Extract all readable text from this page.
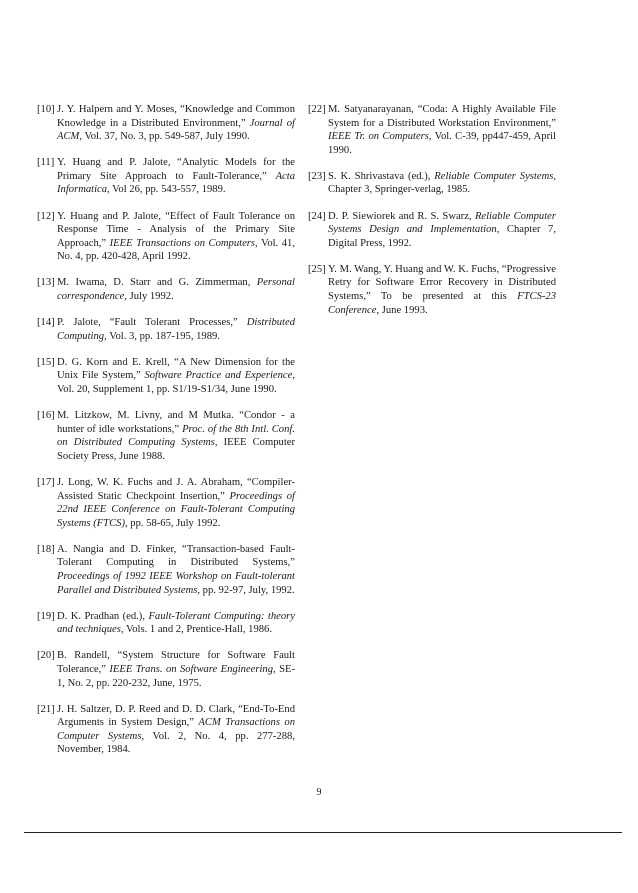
[10] J. Y. Halpern and Y. Moses, “Knowledge and Common Knowledge in a Distributed Environment,” Journal of ACM, Vol. 37, No. 3, pp. 549-587, July 1990.
[11] Y. Huang and P. Jalote, “Analytic Models for the Primary Site Approach to Fault-Tolerance,” Acta Informatica, Vol 26, pp. 543-557, 1989.
[12] Y. Huang and P. Jalote, “Effect of Fault Tolerance on Response Time - Analysis of the Primary Site Approach,” IEEE Transactions on Computers, Vol. 41, No. 4, pp. 420-428, April 1992.
[13] M. Iwama, D. Starr and G. Zimmerman, Personal correspondence, July 1992.
[14] P. Jalote, “Fault Tolerant Processes,” Distributed Computing, Vol. 3, pp. 187-195, 1989.
[15] D. G. Korn and E. Krell, “A New Dimension for the Unix File System,” Software Practice and Experience, Vol. 20, Supplement 1, pp. S1/19-S1/34, June 1990.
[16] M. Litzkow, M. Livny, and M Mutka. “Condor - a hunter of idle workstations,” Proc. of the 8th Intl. Conf. on Distributed Computing Systems, IEEE Computer Society Press, June 1988.
[17] J. Long, W. K. Fuchs and J. A. Abraham, “Compiler-Assisted Static Checkpoint Insertion,” Proceedings of 22nd IEEE Conference on Fault-Tolerant Computing Systems (FTCS), pp. 58-65, July 1992.
[18] A. Nangia and D. Finker, “Transaction-based Fault-Tolerant Computing in Distributed Systems,” Proceedings of 1992 IEEE Workshop on Fault-tolerant Parallel and Distributed Systems, pp. 92-97, July, 1992.
[19] D. K. Pradhan (ed.), Fault-Tolerant Computing: theory and techniques, Vols. 1 and 2, Prentice-Hall, 1986.
[20] B. Randell, “System Structure for Software Fault Tolerance,” IEEE Trans. on Software Engineering, SE-1, No. 2, pp. 220-232, June, 1975.
[21] J. H. Saltzer, D. P. Reed and D. D. Clark, “End-To-End Arguments in System Design,” ACM Transactions on Computer Systems, Vol. 2, No. 4, pp. 277-288, November, 1984.
[22] M. Satyanarayanan, “Coda: A Highly Available File System for a Distributed Workstation Environment,” IEEE Tr. on Computers, Vol. C-39, pp447-459, April 1990.
[23] S. K. Shrivastava (ed.), Reliable Computer Systems, Chapter 3, Springer-verlag, 1985.
[24] D. P. Siewiorek and R. S. Swarz, Reliable Computer Systems Design and Implementation, Chapter 7, Digital Press, 1992.
[25] Y. M. Wang, Y. Huang and W. K. Fuchs, “Progressive Retry for Software Error Recovery in Distributed Systems,” To be presented at this FTCS-23 Conference, June 1993.
9
